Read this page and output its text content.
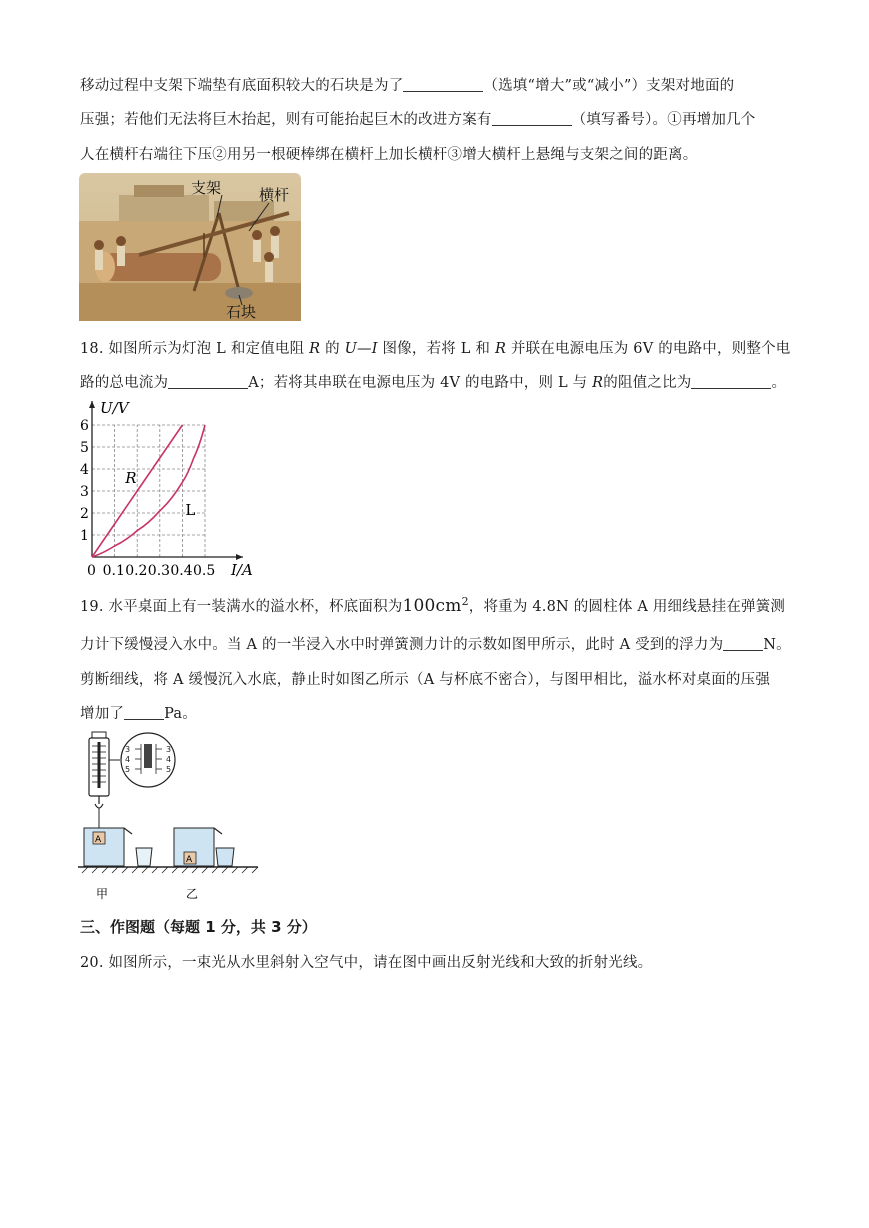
移动过程中支架下端垫有底面积较大的石块是为了	（选填“增大”或“减小”）支架对地面的
压强；若他们无法将巨木抬起，则有可能抬起巨木的改进方案有	（填写番号）。①再增加几个
人在横杆右端往下压②用另一根硬棒绑在横杆上加长横杆③增大横杆上悬绳与支架之间的距离。
支架	横杆
石块
18. 如图所示为灯泡 L 和定值电阻 R 的 U—I 图像，若将 L 和 R 并联在电源电压为 6V 的电路中，则整个电
路的总电流为	A；若将其串联在电源电压为 4V 的电路中，则 L 与 R的阻值之比为	。
1
2
3
4
5
6
0.1 0.2 0.3 0.4 0.5
0
U/V
I/A
R
L
19. 水平桌面上有一装满水的溢水杯，杯底面积为$100cm^2$，将重为 4.8N 的圆柱体 A 用细线悬挂在弹簧测
力计下缓慢浸入水中。当 A 的一半浸入水中时弹簧测力计的示数如图甲所示，此时 A 受到的浮力为	N。
剪断细线，将 A 缓慢沉入水底，静止时如图乙所示（A 与杯底不密合），与图甲相比，溢水杯对桌面的压强
增加了	Pa。
3
4
5
3
4
5
A
A
甲	乙
三、作图题（每题 1 分，共 3 分）
20. 如图所示，一束光从水里斜射入空气中，请在图中画出反射光线和大致的折射光线。
